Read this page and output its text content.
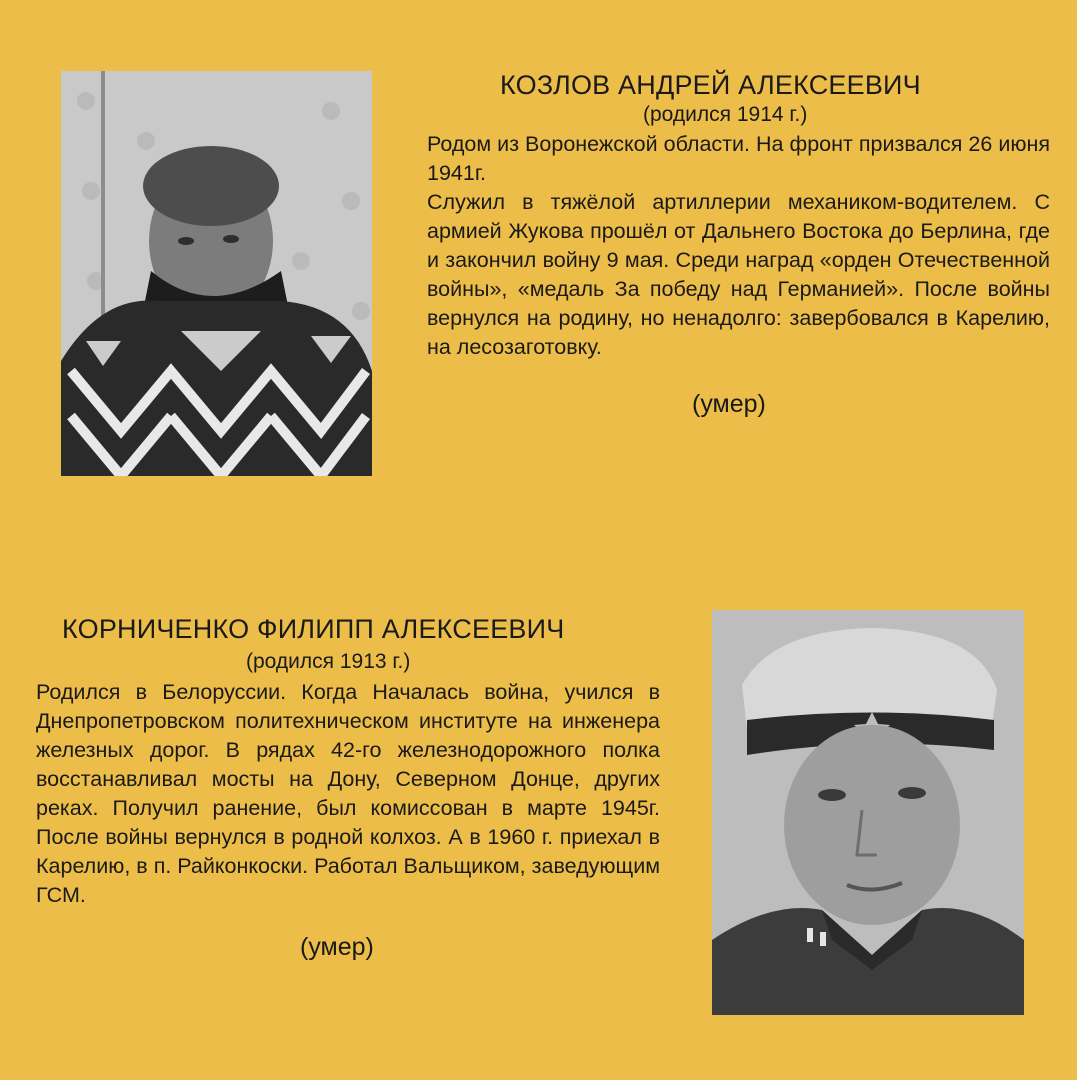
КОЗЛОВ АНДРЕЙ АЛЕКСЕЕВИЧ
(родился 1914 г.)
Родом из Воронежской области. На фронт призвался 26 июня 1941г.
Служил в тяжёлой артиллерии механиком-водителем. С армией Жукова прошёл от Дальнего Востока до Берлина, где и закончил войну 9 мая. Среди наград «орден Отечественной войны», «медаль За победу над Германией». После войны вернулся на родину, но ненадолго: завербовался в Карелию, на лесозаготовку.
(умер)
КОРНИЧЕНКО ФИЛИПП АЛЕКСЕЕВИЧ
(родился 1913 г.)
Родился в Белоруссии. Когда Началась война, учился в Днепропетровском политехническом институте на инженера железных дорог. В рядах 42-го железнодорожного полка восстанавливал мосты на Дону, Северном Донце, других реках. Получил ранение, был комиссован в марте 1945г. После войны вернулся в родной колхоз. А в 1960 г. приехал в Карелию, в п. Райконкоски. Работал Вальщиком, заведующим ГСМ.
(умер)
